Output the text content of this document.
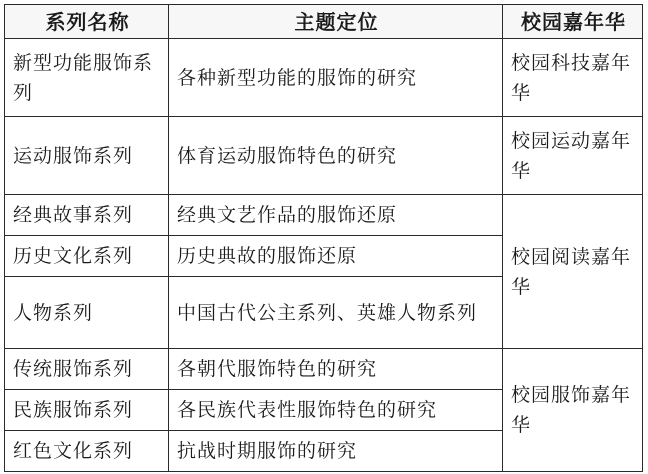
系列名称	主题定位	校园嘉年华
新型功能服饰系列	各种新型功能的服饰的研究	校园科技嘉年华
运动服饰系列	体育运动服饰特色的研究	校园运动嘉年华
经典故事系列	经典文艺作品的服饰还原	校园阅读嘉年华
历史文化系列	历史典故的服饰还原	
人物系列	中国古代公主系列、英雄人物系列	
传统服饰系列	各朝代服饰特色的研究	校园服饰嘉年华
民族服饰系列	各民族代表性服饰特色的研究	
红色文化系列	抗战时期服饰的研究	
